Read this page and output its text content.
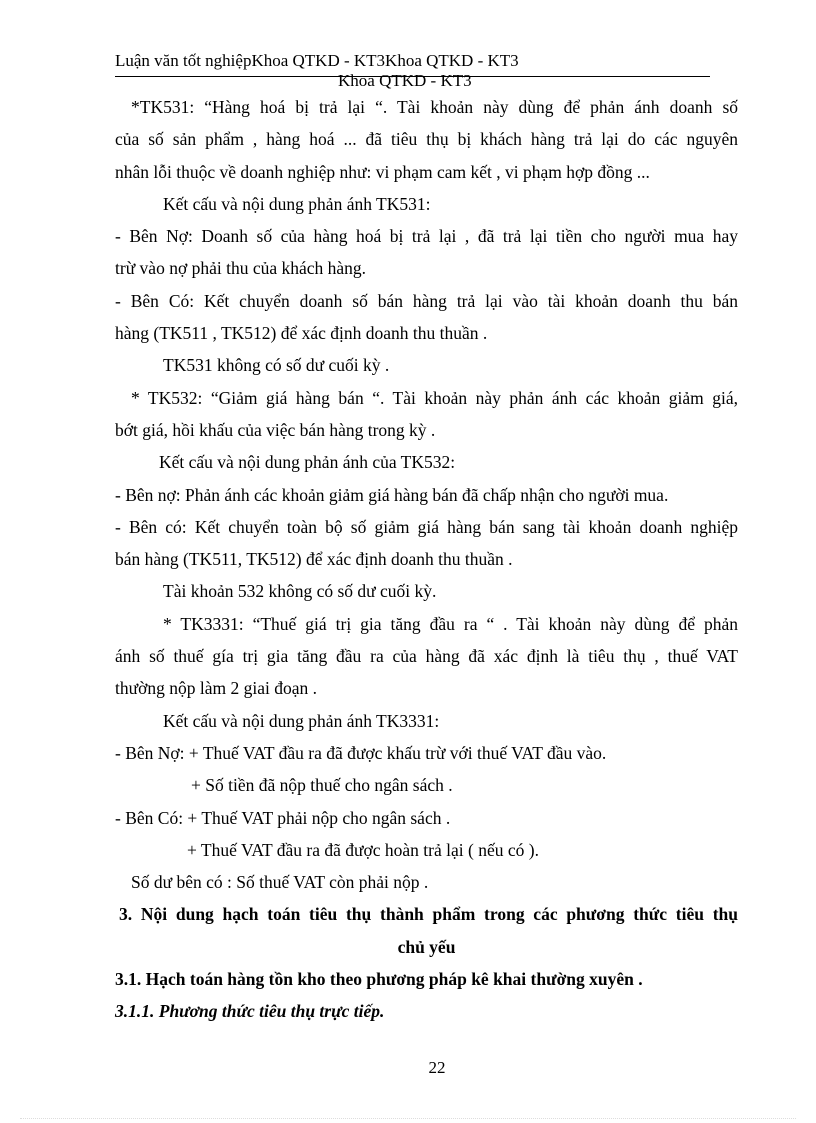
Luận văn tốt nghiệpKhoa QTKD - KT3Khoa QTKD - KT3
Khoa QTKD - KT3
*TK531: “Hàng hoá bị trả lại “. Tài khoản này dùng để phản ánh doanh số
của số sản phẩm , hàng hoá ... đã tiêu thụ bị khách hàng trả lại do các nguyên
nhân lỗi thuộc về doanh nghiệp như: vi phạm cam kết , vi phạm hợp đồng ...
Kết cấu và nội dung phản ánh TK531:
- Bên Nợ: Doanh số của hàng hoá bị trả lại , đã trả lại tiền cho người mua hay
trừ vào nợ phải thu của khách hàng.
- Bên Có: Kết chuyển doanh số bán hàng trả lại vào tài khoản doanh thu bán
hàng (TK511 , TK512) để xác định doanh thu thuần .
TK531 không có số dư cuối kỳ .
* TK532: “Giảm giá hàng bán “. Tài khoản này phản ánh các khoản giảm giá,
bớt giá, hồi khấu của việc bán hàng trong kỳ .
Kết cấu và nội dung phản ánh của TK532:
- Bên nợ: Phản ánh các khoản giảm giá hàng bán đã chấp nhận cho người mua.
- Bên có: Kết chuyển toàn bộ số giảm giá hàng bán sang tài khoản doanh nghiệp
bán hàng (TK511, TK512) để xác định doanh thu thuần .
Tài khoản 532 không có số dư cuối kỳ.
* TK3331: “Thuế giá trị gia tăng đầu ra “ . Tài khoản này dùng để phản
ánh số thuế gía trị gia tăng đầu ra của hàng đã xác định là tiêu thụ , thuế VAT
thường nộp làm 2 giai đoạn .
Kết cấu và nội dung phản ánh TK3331:
- Bên Nợ: + Thuế VAT đầu ra đã được khấu trừ với thuế VAT đầu vào.
+ Số tiền đã nộp thuế cho ngân sách .
- Bên Có: + Thuế VAT phải nộp cho ngân sách .
+ Thuế VAT đầu ra đã được hoàn trả lại ( nếu có ).
Số dư bên có : Số thuế VAT còn phải nộp .
3. Nội dung hạch toán tiêu thụ thành phẩm trong các phương thức tiêu thụ
chủ yếu
3.1. Hạch toán hàng tồn kho theo phương pháp kê khai thường xuyên .
3.1.1. Phương thức tiêu thụ trực tiếp.
22
